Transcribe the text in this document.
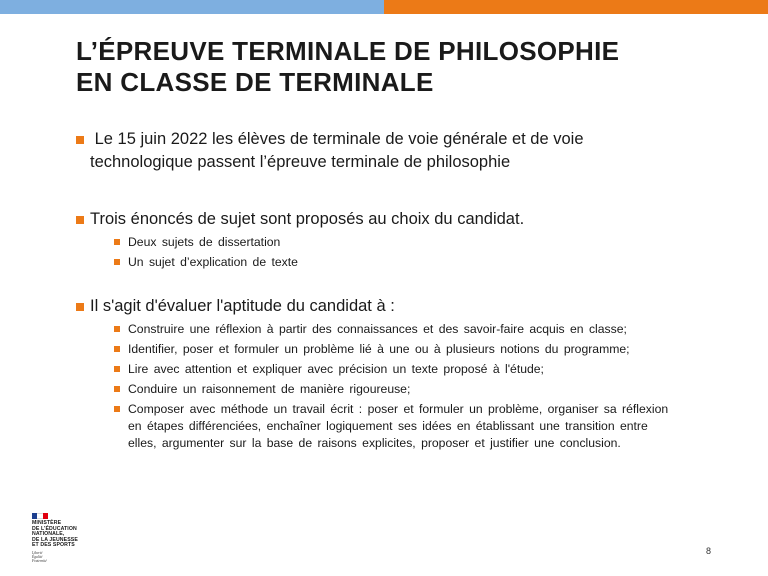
L’ÉPREUVE TERMINALE DE PHILOSOPHIE
EN CLASSE DE TERMINALE
Le 15 juin 2022 les élèves de terminale de voie générale et de voie
technologique passent l’épreuve terminale de philosophie
Trois énoncés de sujet sont proposés au choix du candidat.
Deux sujets de dissertation
Un sujet d’explication de texte
Il s'agit d'évaluer l'aptitude du candidat à :
Construire une réflexion à partir des connaissances et des savoir-faire acquis en classe;
Identifier, poser et formuler un problème lié à une ou à plusieurs notions du programme;
Lire avec attention et expliquer avec précision un texte proposé à l'étude;
Conduire un raisonnement de manière rigoureuse;
Composer avec méthode un travail écrit : poser et formuler un problème, organiser sa réflexion
en étapes différenciées, enchaîner logiquement ses idées en établissant une transition entre
elles, argumenter sur la base de raisons explicites, proposer et justifier une conclusion.
MINISTÈRE
DE L’ÉDUCATION
NATIONALE,
DE LA JEUNESSE
ET DES SPORTS
Liberté
Égalité
Fraternité
8
